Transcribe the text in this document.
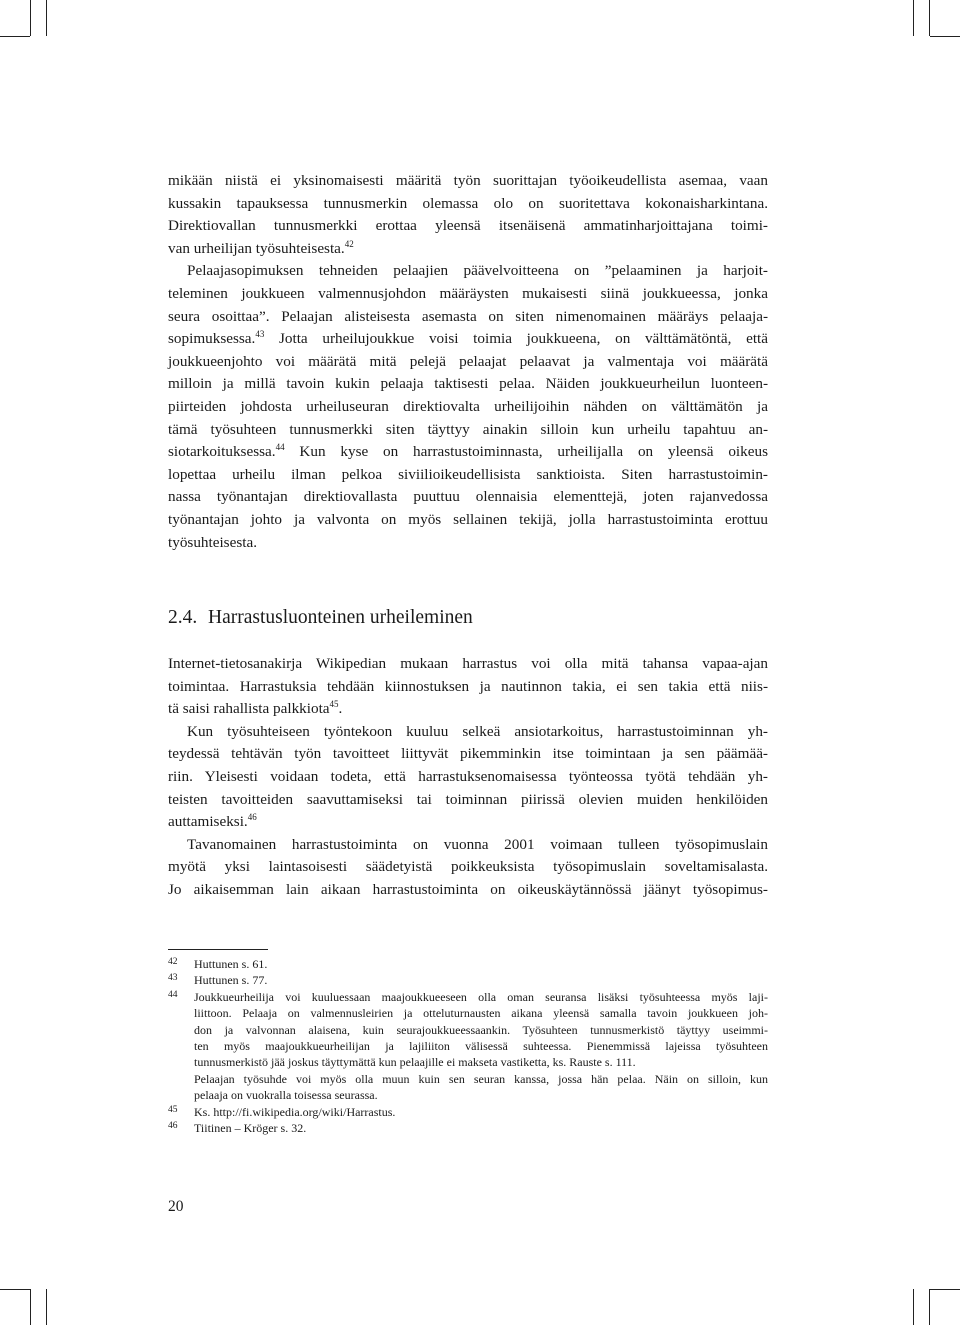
mikään niistä ei yksinomaisesti määritä työn suorittajan työoikeudellista asemaa, vaan
kussakin tapauksessa tunnusmerkin olemassa olo on suoritettava kokonaisharkintana.
Direktiovallan tunnusmerkki erottaa yleensä itsenäisenä ammatinharjoittajana toimi-
van urheilijan työsuhteisesta.$^{42}$

Pelaajasopimuksen tehneiden pelaajien päävelvoitteena on ”pelaaminen ja harjoit-
teleminen joukkueen valmennusjohdon määräysten mukaisesti siinä joukkueessa, jonka
seura osoittaa”. Pelaajan alisteisesta asemasta on siten nimenomainen määräys pelaaja-
sopimuksessa.$^{43}$ Jotta urheilujoukkue voisi toimia joukkueena, on välttämätöntä, että
joukkueenjohto voi määrätä mitä pelejä pelaajat pelaavat ja valmentaja voi määrätä
milloin ja millä tavoin kukin pelaaja taktisesti pelaa. Näiden joukkueurheilun luonteen-
piirteiden johdosta urheiluseuran direktiovalta urheilijoihin nähden on välttämätön ja
tämä työsuhteen tunnusmerkki siten täyttyy ainakin silloin kun urheilu tapahtuu an-
siotarkoituksessa.$^{44}$ Kun kyse on harrastustoiminnasta, urheilijalla on yleensä oikeus
lopettaa urheilu ilman pelkoa siviilioikeudellisista sanktioista. Siten harrastustoimin-
nassa työnantajan direktiovallasta puuttuu olennaisia elementtejä, joten rajanvedossa
työnantajan johto ja valvonta on myös sellainen tekijä, jolla harrastustoiminta erottuu
työsuhteisesta.

2.4. Harrastusluonteinen urheileminen

Internet-tietosanakirja Wikipedian mukaan harrastus voi olla mitä tahansa vapaa-ajan
toimintaa. Harrastuksia tehdään kiinnostuksen ja nautinnon takia, ei sen takia että niis-
tä saisi rahallista palkkiota$^{45}$.

Kun työsuhteiseen työntekoon kuuluu selkeä ansiotarkoitus, harrastustoiminnan yh-
teydessä tehtävän työn tavoitteet liittyvät pikemminkin itse toimintaan ja sen päämää-
riin. Yleisesti voidaan todeta, että harrastuksenomaisessa työnteossa työtä tehdään yh-
teisten tavoitteiden saavuttamiseksi tai toiminnan piirissä olevien muiden henkilöiden
auttamiseksi.$^{46}$

Tavanomainen harrastustoiminta on vuonna 2001 voimaan tulleen työsopimuslain
myötä yksi laintasoisesti säädetyistä poikkeuksista työsopimuslain soveltamisalasta.
Jo aikaisemman lain aikaan harrastustoiminta on oikeuskäytännössä jäänyt työsopimus-

42 Huttunen s. 61.
43 Huttunen s. 77.
44 Joukkueurheilija voi kuuluessaan maajoukkueeseen olla oman seuransa lisäksi työsuhteessa myös laji-
liittoon. Pelaaja on valmennusleirien ja otteluturnausten aikana yleensä samalla tavoin joukkueen joh-
don ja valvonnan alaisena, kuin seurajoukkueessaankin. Työsuhteen tunnusmerkistö täyttyy useimmi-
ten myös maajoukkueurheilijan ja lajiliiton välisessä suhteessa. Pienemmissä lajeissa työsuhteen
tunnusmerkistö jää joskus täyttymättä kun pelaajille ei makseta vastiketta, ks. Rauste s. 111.
Pelaajan työsuhde voi myös olla muun kuin sen seuran kanssa, jossa hän pelaa. Näin on silloin, kun
pelaaja on vuokralla toisessa seurassa.
45 Ks. http://fi.wikipedia.org/wiki/Harrastus.
46 Tiitinen – Kröger s. 32.
20
